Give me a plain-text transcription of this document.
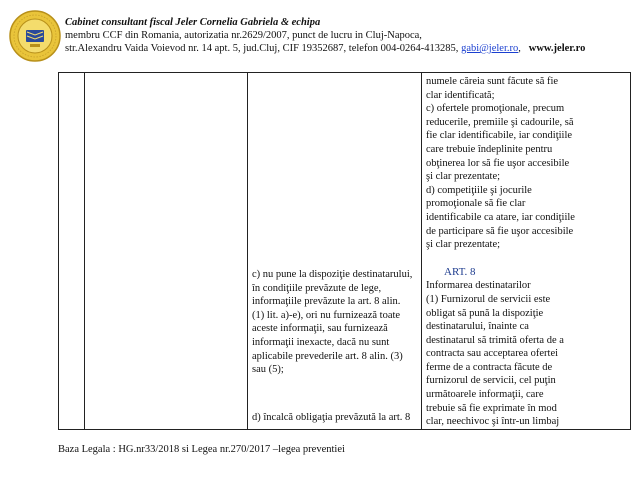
Cabinet consultant fiscal Jeler Cornelia Gabriela & echipa
membru CCF din Romania, autorizatia nr.2629/2007, punct de lucru in Cluj-Napoca,
str.Alexandru Vaida Voievod nr. 14 apt. 5, jud.Cluj, CIF 19352687, telefon 004-0264-413285, gabi@jeler.ro, www.jeler.ro

c) nu pune la dispoziţie destinatarului,
în condiţiile prevăzute de lege,
informaţiile prevăzute la art. 8 alin.
(1) lit. a)-e), ori nu furnizează toate
aceste informaţii, sau furnizează
informaţii inexacte, dacă nu sunt
aplicabile prevederile art. 8 alin. (3)
sau (5);
d) încalcă obligaţia prevăzută la art. 8

numele căreia sunt făcute să fie
clar identificată;
c) ofertele promoţionale, precum
reducerile, premiile şi cadourile, să
fie clar identificabile, iar condiţiile
care trebuie îndeplinite pentru
obţinerea lor să fie uşor accesibile
şi clar prezentate;
d) competiţiile şi jocurile
promoţionale să fie clar
identificabile ca atare, iar condiţiile
de participare să fie uşor accesibile
şi clar prezentate;
ART. 8
Informarea destinatarilor
(1) Furnizorul de servicii este
obligat să pună la dispoziţie
destinatarului, înainte ca
destinatarul să trimită oferta de a
contracta sau acceptarea ofertei
ferme de a contracta făcute de
furnizorul de servicii, cel puţin
următoarele informaţii, care
trebuie să fie exprimate în mod
clar, neechivoc şi într-un limbaj
Baza Legala : HG.nr33/2018 si Legea nr.270/2017 –legea preventiei
